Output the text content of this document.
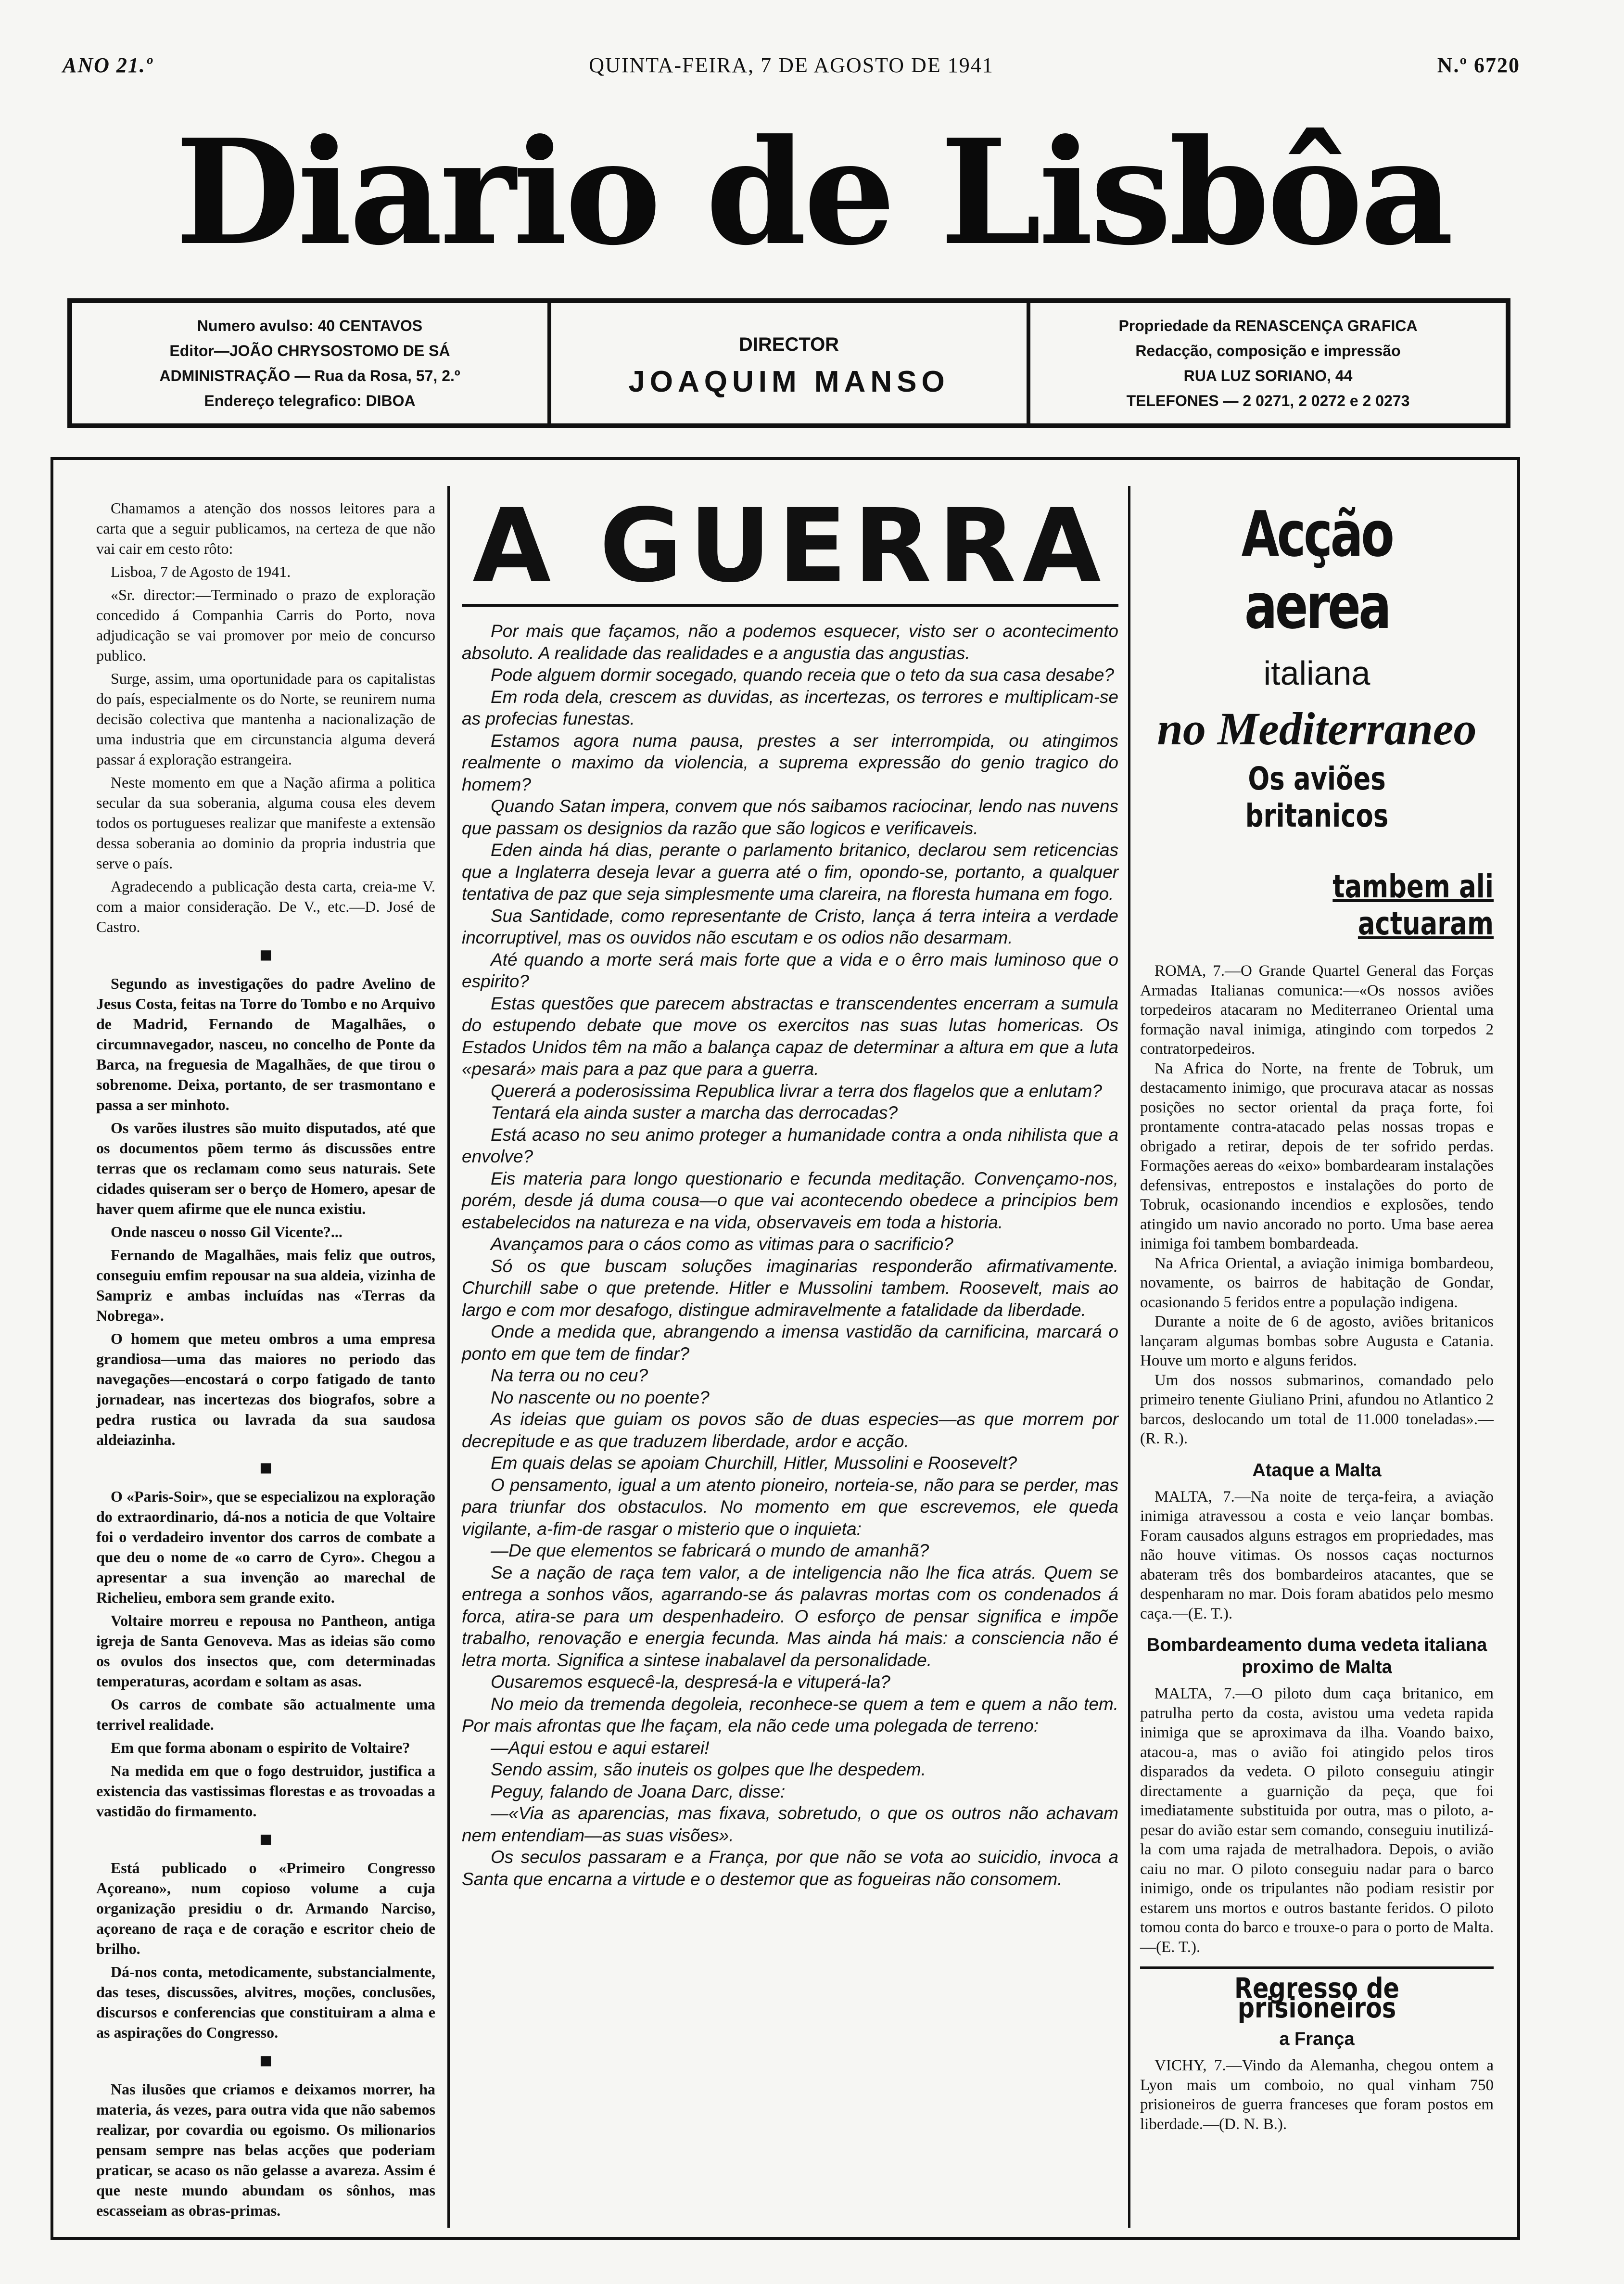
ANO 21.º	QUINTA-FEIRA, 7 DE AGOSTO DE 1941	N.º 6720
Diario de Lisbôa
Numero avulso: 40 CENTAVOS
Editor—JOÃO CHRYSOSTOMO DE SÁ
ADMINISTRAÇÃO — Rua da Rosa, 57, 2.º
Endereço telegrafico: DIBOA
DIRECTOR
JOAQUIM MANSO
Propriedade da RENASCENÇA GRAFICA
Redacção, composição e impressão
RUA LUZ SORIANO, 44
TELEFONES — 2 0271, 2 0272 e 2 0273

Chamamos a atenção dos nossos leitores para a carta que a seguir publicamos, na certeza de que não vai cair em cesto rôto:

Lisboa, 7 de Agosto de 1941.

«Sr. director:—Terminado o prazo de exploração concedido á Companhia Carris do Porto, nova adjudicação se vai promover por meio de concurso publico.

Surge, assim, uma oportunidade para os capitalistas do país, especialmente os do Norte, se reunirem numa decisão colectiva que mantenha a nacionalização de uma industria que em circunstancia alguma deverá passar á exploração estrangeira.

Neste momento em que a Nação afirma a politica secular da sua soberania, alguma cousa eles devem todos os portugueses realizar que manifeste a extensão dessa soberania ao dominio da propria industria que serve o país.

Agradecendo a publicação desta carta, creia-me V. com a maior consideração. De V., etc.—D. José de Castro.

■

Segundo as investigações do padre Avelino de Jesus Costa, feitas na Torre do Tombo e no Arquivo de Madrid, Fernando de Magalhães, o circumnavegador, nasceu, no concelho de Ponte da Barca, na freguesia de Magalhães, de que tirou o sobrenome. Deixa, portanto, de ser trasmontano e passa a ser minhoto.

Os varões ilustres são muito disputados, até que os documentos põem termo ás discussões entre terras que os reclamam como seus naturais. Sete cidades quiseram ser o berço de Homero, apesar de haver quem afirme que ele nunca existiu.

Onde nasceu o nosso Gil Vicente?...

Fernando de Magalhães, mais feliz que outros, conseguiu emfim repousar na sua aldeia, vizinha de Sampriz e ambas incluídas nas «Terras da Nobrega».

O homem que meteu ombros a uma empresa grandiosa—uma das maiores no periodo das navegações—encostará o corpo fatigado de tanto jornadear, nas incertezas dos biografos, sobre a pedra rustica ou lavrada da sua saudosa aldeiazinha.

■

O «Paris-Soir», que se especializou na exploração do extraordinario, dá-nos a noticia de que Voltaire foi o verdadeiro inventor dos carros de combate a que deu o nome de «o carro de Cyro». Chegou a apresentar a sua invenção ao marechal de Richelieu, embora sem grande exito.

Voltaire morreu e repousa no Pantheon, antiga igreja de Santa Genoveva. Mas as ideias são como os ovulos dos insectos que, com determinadas temperaturas, acordam e soltam as asas.

Os carros de combate são actualmente uma terrivel realidade.

Em que forma abonam o espirito de Voltaire?

Na medida em que o fogo destruidor, justifica a existencia das vastissimas florestas e as trovoadas a vastidão do firmamento.

■

Está publicado o «Primeiro Congresso Açoreano», num copioso volume a cuja organização presidiu o dr. Armando Narciso, açoreano de raça e de coração e escritor cheio de brilho.

Dá-nos conta, metodicamente, substancialmente, das teses, discussões, alvitres, moções, conclusões, discursos e conferencias que constituiram a alma e as aspirações do Congresso.

■

Nas ilusões que criamos e deixamos morrer, ha materia, ás vezes, para outra vida que não sabemos realizar, por covardia ou egoismo. Os milionarios pensam sempre nas belas acções que poderiam praticar, se acaso os não gelasse a avareza. Assim é que neste mundo abundam os sônhos, mas escasseiam as obras-primas.

A GUERRA

Por mais que façamos, não a podemos esquecer, visto ser o acontecimento absoluto. A realidade das realidades e a angustia das angustias.

Pode alguem dormir socegado, quando receia que o teto da sua casa desabe?

Em roda dela, crescem as duvidas, as incertezas, os terrores e multiplicam-se as profecias funestas.

Estamos agora numa pausa, prestes a ser interrompida, ou atingimos realmente o maximo da violencia, a suprema expressão do genio tragico do homem?

Quando Satan impera, convem que nós saibamos raciocinar, lendo nas nuvens que passam os designios da razão que são logicos e verificaveis.

Eden ainda há dias, perante o parlamento britanico, declarou sem reticencias que a Inglaterra deseja levar a guerra até o fim, opondo-se, portanto, a qualquer tentativa de paz que seja simplesmente uma clareira, na floresta humana em fogo.

Sua Santidade, como representante de Cristo, lança á terra inteira a verdade incorruptivel, mas os ouvidos não escutam e os odios não desarmam.

Até quando a morte será mais forte que a vida e o êrro mais luminoso que o espirito?

Estas questões que parecem abstractas e transcendentes encerram a sumula do estupendo debate que move os exercitos nas suas lutas homericas. Os Estados Unidos têm na mão a balança capaz de determinar a altura em que a luta «pesará» mais para a paz que para a guerra.

Quererá a poderosissima Republica livrar a terra dos flagelos que a enlutam?

Tentará ela ainda suster a marcha das derrocadas?

Está acaso no seu animo proteger a humanidade contra a onda nihilista que a envolve?

Eis materia para longo questionario e fecunda meditação. Convençamo-nos, porém, desde já duma cousa—o que vai acontecendo obedece a principios bem estabelecidos na natureza e na vida, observaveis em toda a historia.

Avançamos para o cáos como as vitimas para o sacrificio?

Só os que buscam soluções imaginarias responderão afirmativamente. Churchill sabe o que pretende. Hitler e Mussolini tambem. Roosevelt, mais ao largo e com mor desafogo, distingue admiravelmente a fatalidade da liberdade.

Onde a medida que, abrangendo a imensa vastidão da carnificina, marcará o ponto em que tem de findar?

Na terra ou no ceu?

No nascente ou no poente?

As ideias que guiam os povos são de duas especies—as que morrem por decrepitude e as que traduzem liberdade, ardor e acção.

Em quais delas se apoiam Churchill, Hitler, Mussolini e Roosevelt?

O pensamento, igual a um atento pioneiro, norteia-se, não para se perder, mas para triunfar dos obstaculos. No momento em que escrevemos, ele queda vigilante, a-fim-de rasgar o misterio que o inquieta:

—De que elementos se fabricará o mundo de amanhã?

Se a nação de raça tem valor, a de inteligencia não lhe fica atrás. Quem se entrega a sonhos vãos, agarrando-se ás palavras mortas com os condenados á forca, atira-se para um despenhadeiro. O esforço de pensar significa e impõe trabalho, renovação e energia fecunda. Mas ainda há mais: a consciencia não é letra morta. Significa a sintese inabalavel da personalidade.

Ousaremos esquecê-la, despresá-la e vituperá-la?

No meio da tremenda degoleia, reconhece-se quem a tem e quem a não tem. Por mais afrontas que lhe façam, ela não cede uma polegada de terreno:

—Aqui estou e aqui estarei!

Sendo assim, são inuteis os golpes que lhe despedem.

Peguy, falando de Joana Darc, disse:

—«Via as aparencias, mas fixava, sobretudo, o que os outros não achavam nem entendiam—as suas visões».

Os seculos passaram e a França, por que não se vota ao suicidio, invoca a Santa que encarna a virtude e o destemor que as fogueiras não consomem.

Acção aerea
italiana
no Mediterraneo
Os aviões britanicos
tambem ali actuaram

ROMA, 7.—O Grande Quartel General das Forças Armadas Italianas comunica:—«Os nossos aviões torpedeiros atacaram no Mediterraneo Oriental uma formação naval inimiga, atingindo com torpedos 2 contratorpedeiros.

Na Africa do Norte, na frente de Tobruk, um destacamento inimigo, que procurava atacar as nossas posições no sector oriental da praça forte, foi prontamente contra-atacado pelas nossas tropas e obrigado a retirar, depois de ter sofrido perdas. Formações aereas do «eixo» bombardearam instalações defensivas, entrepostos e instalações do porto de Tobruk, ocasionando incendios e explosões, tendo atingido um navio ancorado no porto. Uma base aerea inimiga foi tambem bombardeada.

Na Africa Oriental, a aviação inimiga bombardeou, novamente, os bairros de habitação de Gondar, ocasionando 5 feridos entre a população indigena.

Durante a noite de 6 de agosto, aviões britanicos lançaram algumas bombas sobre Augusta e Catania. Houve um morto e alguns feridos.

Um dos nossos submarinos, comandado pelo primeiro tenente Giuliano Prini, afundou no Atlantico 2 barcos, deslocando um total de 11.000 toneladas».—(R. R.).

Ataque a Malta

MALTA, 7.—Na noite de terça-feira, a aviação inimiga atravessou a costa e veio lançar bombas. Foram causados alguns estragos em propriedades, mas não houve vitimas. Os nossos caças nocturnos abateram três dos bombardeiros atacantes, que se despenharam no mar. Dois foram abatidos pelo mesmo caça.—(E. T.).

Bombardeamento duma vedeta italiana proximo de Malta

MALTA, 7.—O piloto dum caça britanico, em patrulha perto da costa, avistou uma vedeta rapida inimiga que se aproximava da ilha. Voando baixo, atacou-a, mas o avião foi atingido pelos tiros disparados da vedeta. O piloto conseguiu atingir directamente a guarnição da peça, que foi imediatamente substituida por outra, mas o piloto, a-pesar do avião estar sem comando, conseguiu inutilizá-la com uma rajada de metralhadora. Depois, o avião caiu no mar. O piloto conseguiu nadar para o barco inimigo, onde os tripulantes não podiam resistir por estarem uns mortos e outros bastante feridos. O piloto tomou conta do barco e trouxe-o para o porto de Malta.—(E. T.).

Regresso de prisioneiros
a França

VICHY, 7.—Vindo da Alemanha, chegou ontem a Lyon mais um comboio, no qual vinham 750 prisioneiros de guerra franceses que foram postos em liberdade.—(D. N. B.).
